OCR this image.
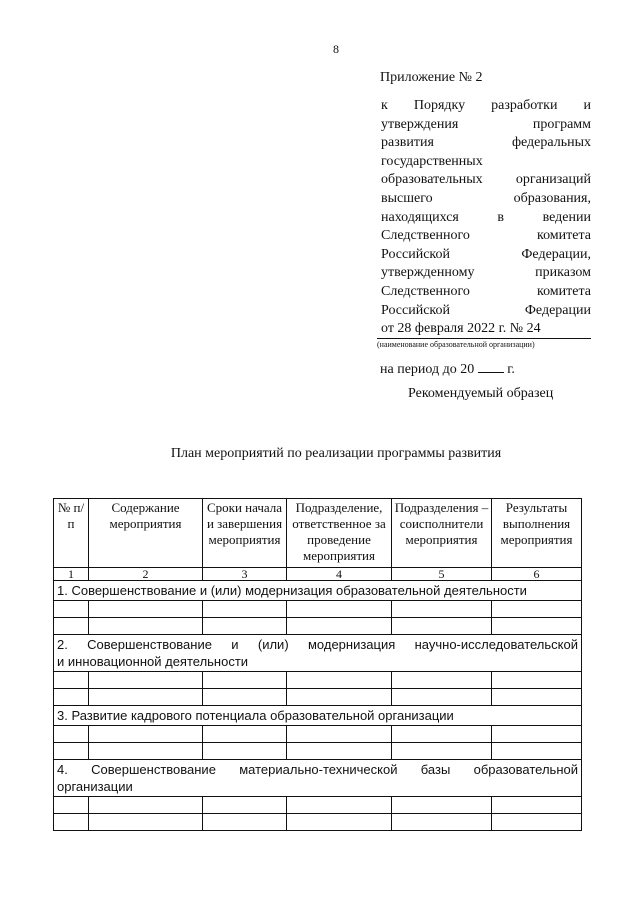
8
Приложение № 2
к Порядку разработки и
утверждения	программ
развития	федеральных
государственных
образовательных организаций
высшего	образования,
находящихся	в	ведении
Следственного	комитета
Российской	Федерации,
утвержденному	приказом
Следственного	комитета
Российской	Федерации
от 28 февраля 2022 г. № 24
(наименование образовательной организации)
на период до 20 г.
Рекомендуемый образец
План мероприятий по реализации программы развития
№ п/п	Содержание мероприятия	Сроки начала и завершения мероприятия	Подразделение, ответственное за проведение мероприятия	Подразделения – соисполнители мероприятия	Результаты выполнения мероприятия
1	2	3	4	5	6

1. Совершенствование и (или) модернизация образовательной деятельности					

2. Совершенствование и (или) модернизация научно-исследовательской
и инновационной деятельности					

3. Развитие кадрового потенциала образовательной организации					

4. Совершенствование материально-технической базы образовательной
организации					
